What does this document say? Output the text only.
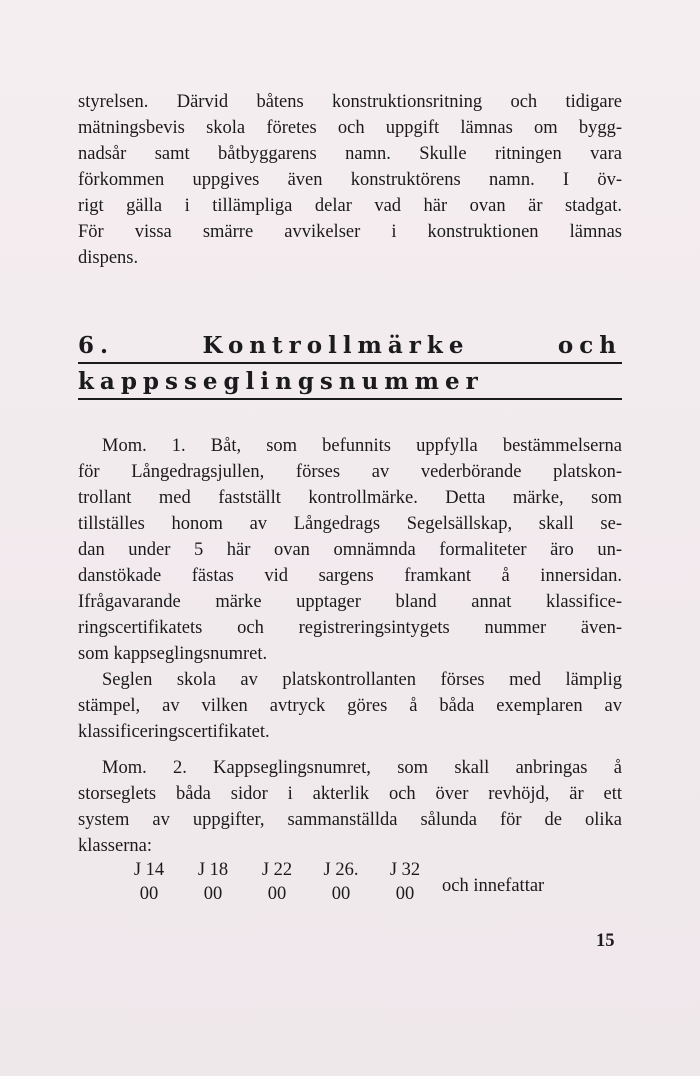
styrelsen. Därvid båtens konstruktionsritning och tidigare
mätningsbevis skola företes och uppgift lämnas om bygg-
nadsår samt båtbyggarens namn. Skulle ritningen vara
förkommen uppgives även konstruktörens namn. I öv-
rigt gälla i tillämpliga delar vad här ovan är stadgat.
För vissa smärre avvikelser i konstruktionen lämnas
dispens.
6. Kontrollmärke och
kappsseglingsnummer
Mom. 1. Båt, som befunnits uppfylla bestämmelserna
för Långedragsjullen, förses av vederbörande platskon-
trollant med fastställt kontrollmärke. Detta märke, som
tillställes honom av Långedrags Segelsällskap, skall se-
dan under 5 här ovan omnämnda formaliteter äro un-
danstökade fästas vid sargens framkant å innersidan.
Ifrågavarande märke upptager bland annat klassifice-
ringscertifikatets och registreringsintygets nummer även-
som kappseglingsnumret.
Seglen skola av platskontrollanten förses med lämplig
stämpel, av vilken avtryck göres å båda exemplaren av
klassificeringscertifikatet.
Mom. 2. Kappseglingsnumret, som skall anbringas å
storseglets båda sidor i akterlik och över revhöjd, är ett
system av uppgifter, sammanställda sålunda för de olika
klasserna:
J 14
00
J 18
00
J 22
00
J 26.
00
J 32
00	och innefattar
15
